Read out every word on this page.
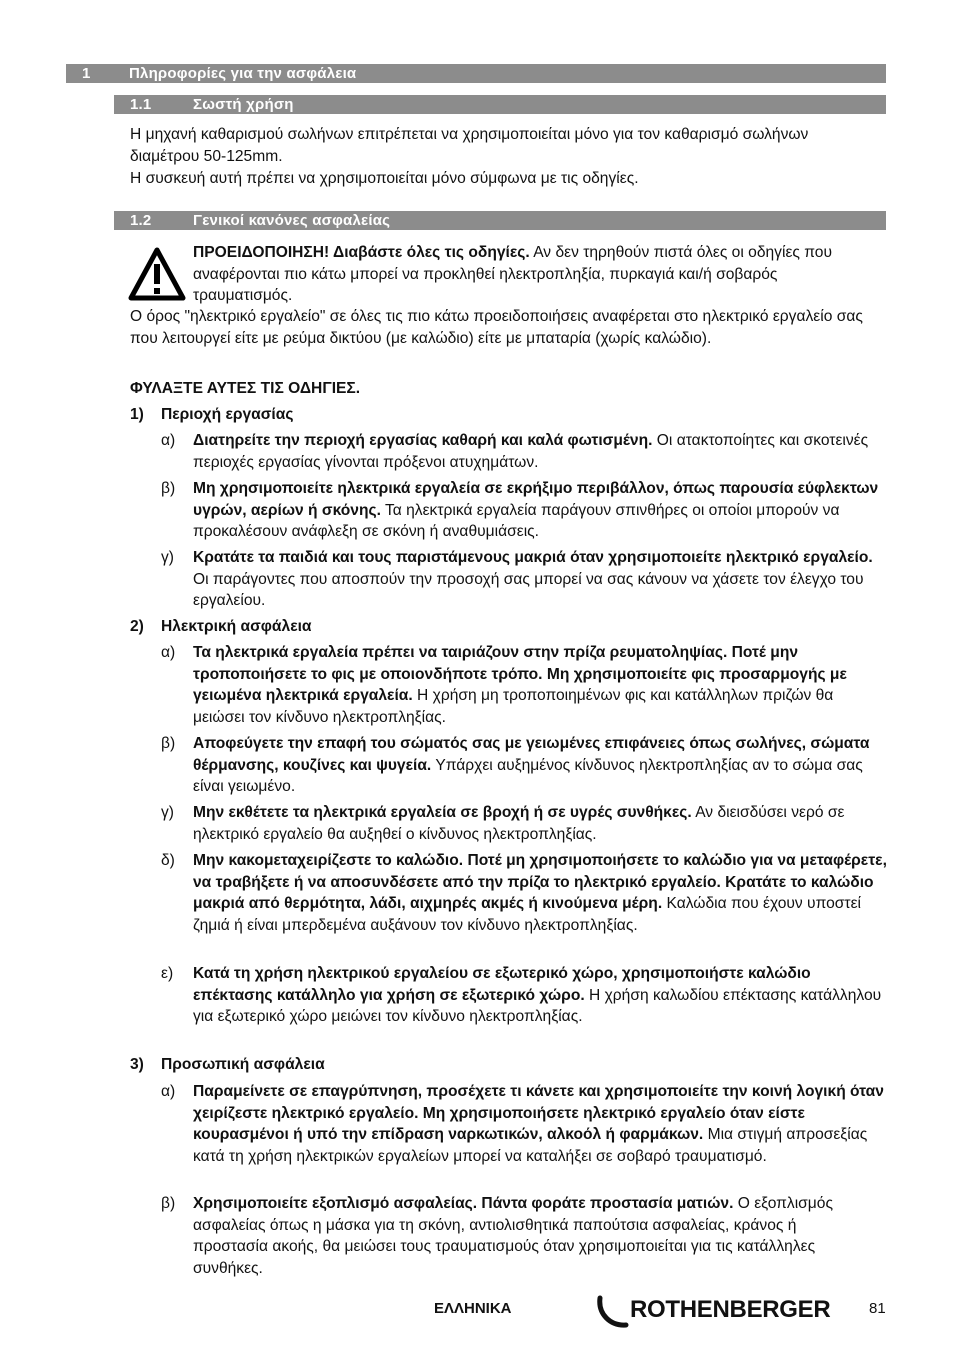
1	Πληροφορίες για την ασφάλεια
1.1	Σωστή χρήση
Η μηχανή καθαρισμού σωλήνων επιτρέπεται να χρησιμοποιείται μόνο για τον καθαρισμό σωλήνων διαμέτρου 50-125mm.
Η συσκευή αυτή πρέπει να χρησιμοποιείται μόνο σύμφωνα με τις οδηγίες.
1.2	Γενικοί κανόνες ασφαλείας
ΠΡΟΕΙΔΟΠΟΙΗΣΗ! Διαβάστε όλες τις οδηγίες. Αν δεν τηρηθούν πιστά όλες οι οδηγίες που αναφέρονται πιο κάτω μπορεί να προκληθεί ηλεκτροπληξία, πυρκαγιά και/ή σοβαρός τραυματισμός.
Ο όρος "ηλεκτρικό εργαλείο" σε όλες τις πιο κάτω προειδοποιήσεις αναφέρεται στο ηλεκτρικό εργαλείο σας που λειτουργεί είτε με ρεύμα δικτύου (με καλώδιο) είτε με μπαταρία (χωρίς καλώδιο).
ΦΥΛΑΞΤΕ ΑΥΤΕΣ ΤΙΣ ΟΔΗΓΙΕΣ.
1) Περιοχή εργασίας
α) Διατηρείτε την περιοχή εργασίας καθαρή και καλά φωτισμένη. Οι ατακτοποίητες και σκοτεινές περιοχές εργασίας γίνονται πρόξενοι ατυχημάτων.
β) Μη χρησιμοποιείτε ηλεκτρικά εργαλεία σε εκρήξιμο περιβάλλον, όπως παρουσία εύφλεκτων υγρών, αερίων ή σκόνης. Τα ηλεκτρικά εργαλεία παράγουν σπινθήρες οι οποίοι μπορούν να προκαλέσουν ανάφλεξη σε σκόνη ή αναθυμιάσεις.
γ) Κρατάτε τα παιδιά και τους παριστάμενους μακριά όταν χρησιμοποιείτε ηλεκτρικό εργαλείο. Οι παράγοντες που αποσπούν την προσοχή σας μπορεί να σας κάνουν να χάσετε τον έλεγχο του εργαλείου.
2) Ηλεκτρική ασφάλεια
α) Τα ηλεκτρικά εργαλεία πρέπει να ταιριάζουν στην πρίζα ρευματοληψίας. Ποτέ μην τροποποιήσετε το φις με οποιονδήποτε τρόπο. Μη χρησιμοποιείτε φις προσαρμογής με γειωμένα ηλεκτρικά εργαλεία. Η χρήση μη τροποποιημένων φις και κατάλληλων πριζών θα μειώσει τον κίνδυνο ηλεκτροπληξίας.
β) Αποφεύγετε την επαφή του σώματός σας με γειωμένες επιφάνειες όπως σωλήνες, σώματα θέρμανσης, κουζίνες και ψυγεία. Υπάρχει αυξημένος κίνδυνος ηλεκτροπληξίας αν το σώμα σας είναι γειωμένο.
γ) Μην εκθέτετε τα ηλεκτρικά εργαλεία σε βροχή ή σε υγρές συνθήκες. Αν διεισδύσει νερό σε ηλεκτρικό εργαλείο θα αυξηθεί ο κίνδυνος ηλεκτροπληξίας.
δ) Μην κακομεταχειρίζεστε το καλώδιο. Ποτέ μη χρησιμοποιήσετε το καλώδιο για να μεταφέρετε, να τραβήξετε ή να αποσυνδέσετε από την πρίζα το ηλεκτρικό εργαλείο. Κρατάτε το καλώδιο μακριά από θερμότητα, λάδι, αιχμηρές ακμές ή κινούμενα μέρη. Καλώδια που έχουν υποστεί ζημιά ή είναι μπερδεμένα αυξάνουν τον κίνδυνο ηλεκτροπληξίας.
ε) Κατά τη χρήση ηλεκτρικού εργαλείου σε εξωτερικό χώρο, χρησιμοποιήστε καλώδιο επέκτασης κατάλληλο για χρήση σε εξωτερικό χώρο. Η χρήση καλωδίου επέκτασης κατάλληλου για εξωτερικό χώρο μειώνει τον κίνδυνο ηλεκτροπληξίας.
3) Προσωπική ασφάλεια
α) Παραμείνετε σε επαγρύπνηση, προσέχετε τι κάνετε και χρησιμοποιείτε την κοινή λογική όταν χειρίζεστε ηλεκτρικό εργαλείο. Μη χρησιμοποιήσετε ηλεκτρικό εργαλείο όταν είστε κουρασμένοι ή υπό την επίδραση ναρκωτικών, αλκοόλ ή φαρμάκων. Μια στιγμή απροσεξίας κατά τη χρήση ηλεκτρικών εργαλείων μπορεί να καταλήξει σε σοβαρό τραυματισμό.
β) Χρησιμοποιείτε εξοπλισμό ασφαλείας. Πάντα φοράτε προστασία ματιών. Ο εξοπλισμός ασφαλείας όπως η μάσκα για τη σκόνη, αντιολισθητικά παπούτσια ασφαλείας, κράνος ή προστασία ακοής, θα μειώσει τους τραυματισμούς όταν χρησιμοποιείται για τις κατάλληλες συνθήκες.
ΕΛΛΗΝΙΚΑ	ROTHENBERGER	81
